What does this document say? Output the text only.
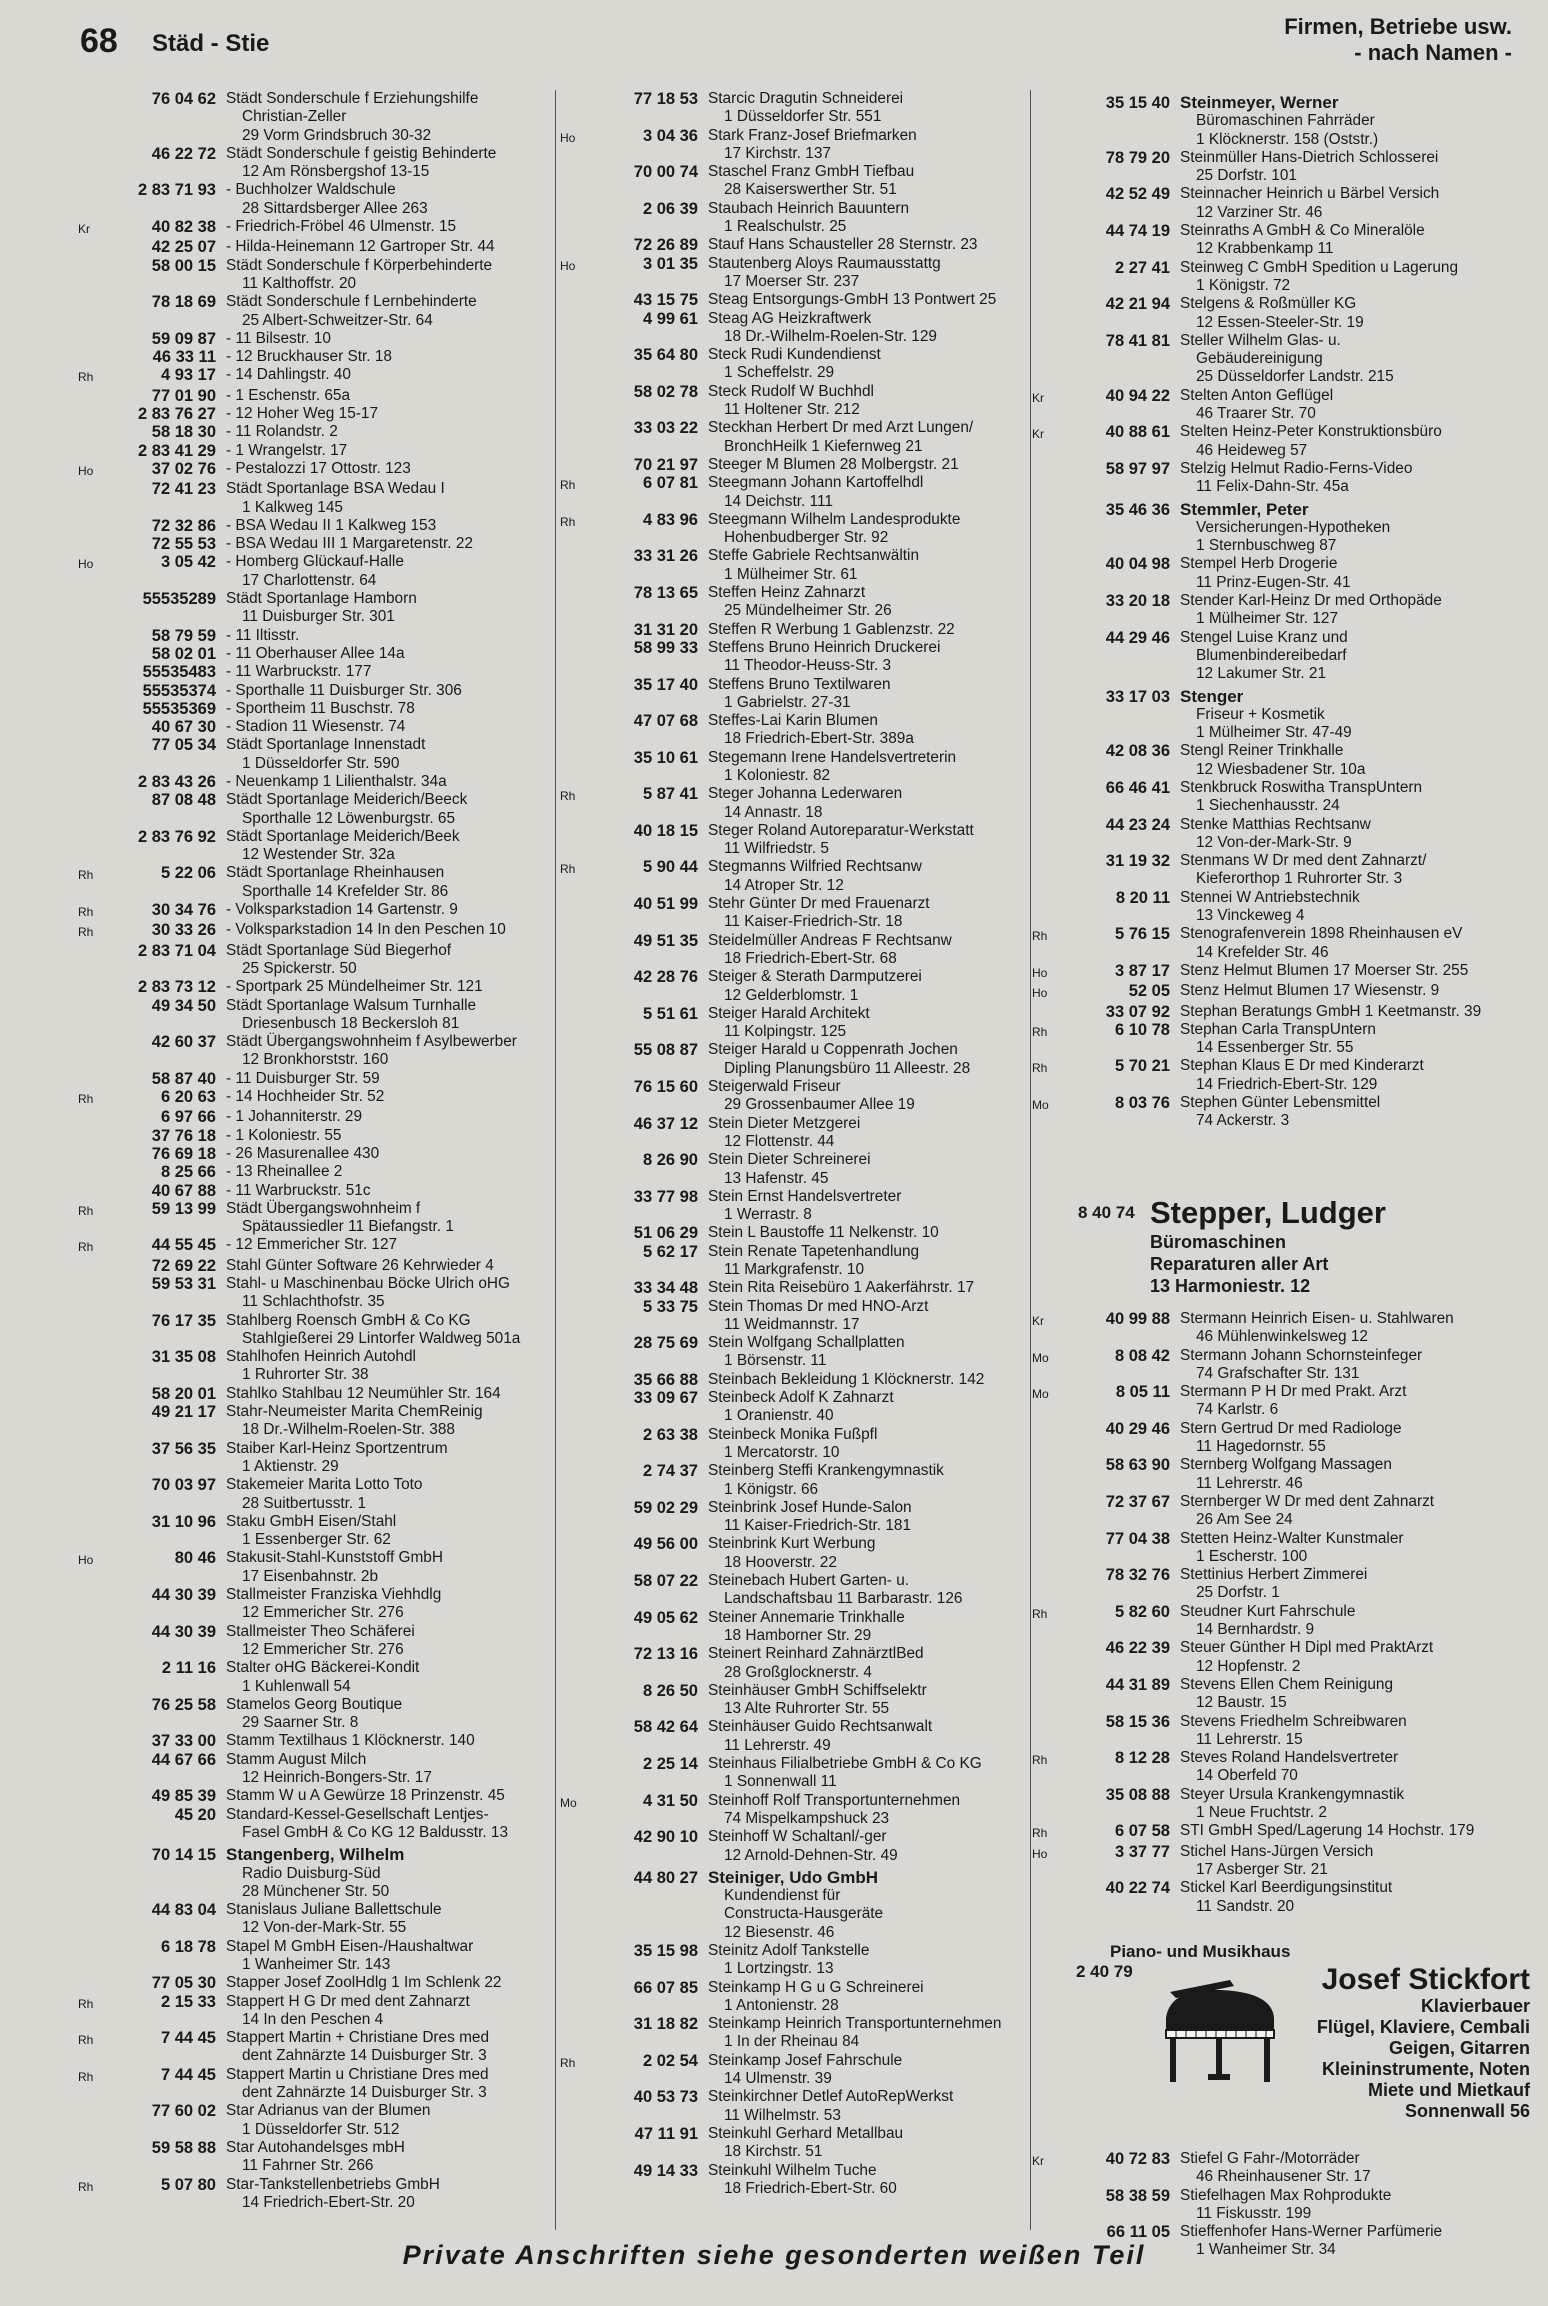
68 Städ - Stie
Firmen, Betriebe usw.
- nach Namen -
76 04 62 Städt Sonderschule f Erziehungshilfe
Christian-Zeller
29 Vorm Grindsbruch 30-32
46 22 72 Städt Sonderschule f geistig Behinderte
12 Am Rönsbergshof 13-15
2 83 71 93 - Buchholzer Waldschule
28 Sittardsberger Allee 263
Kr	40 82 38 - Friedrich-Fröbel 46 Ulmenstr. 15
42 25 07 - Hilda-Heinemann 12 Gartroper Str. 44
58 00 15 Städt Sonderschule f Körperbehinderte
11 Kalthoffstr. 20
78 18 69 Städt Sonderschule f Lernbehinderte
25 Albert-Schweitzer-Str. 64
59 09 87 - 11 Bilsestr. 10
46 33 11 - 12 Bruckhauser Str. 18
Rh	4 93 17 - 14 Dahlingstr. 40
77 01 90 - 1 Eschenstr. 65a
2 83 76 27 - 12 Hoher Weg 15-17
58 18 30 - 11 Rolandstr. 2
2 83 41 29 - 1 Wrangelstr. 17
Ho	37 02 76 - Pestalozzi 17 Ottostr. 123
72 41 23 Städt Sportanlage BSA Wedau I
1 Kalkweg 145
72 32 86 - BSA Wedau II 1 Kalkweg 153
72 55 53 - BSA Wedau III 1 Margaretenstr. 22
Ho	3 05 42 - Homberg Glückauf-Halle
17 Charlottenstr. 64
55535289 Städt Sportanlage Hamborn
11 Duisburger Str. 301
58 79 59 - 11 Iltisstr.
58 02 01 - 11 Oberhauser Allee 14a
55535483 - 11 Warbruckstr. 177
55535374 - Sporthalle 11 Duisburger Str. 306
55535369 - Sportheim 11 Buschstr. 78
40 67 30 - Stadion 11 Wiesenstr. 74
77 05 34 Städt Sportanlage Innenstadt
1 Düsseldorfer Str. 590
2 83 43 26 - Neuenkamp 1 Lilienthalstr. 34a
87 08 48 Städt Sportanlage Meiderich/Beeck
Sporthalle 12 Löwenburgstr. 65
2 83 76 92 Städt Sportanlage Meiderich/Beek
12 Westender Str. 32a
Rh	5 22 06 Städt Sportanlage Rheinhausen
Sporthalle 14 Krefelder Str. 86
Rh	30 34 76 - Volksparkstadion 14 Gartenstr. 9
Rh	30 33 26 - Volksparkstadion 14 In den Peschen 10
2 83 71 04 Städt Sportanlage Süd Biegerhof
25 Spickerstr. 50
2 83 73 12 - Sportpark 25 Mündelheimer Str. 121
49 34 50 Städt Sportanlage Walsum Turnhalle
Driesenbusch 18 Beckersloh 81
42 60 37 Städt Übergangswohnheim f Asylbewerber
12 Bronkhorststr. 160
58 87 40 - 11 Duisburger Str. 59
Rh	6 20 63 - 14 Hochheider Str. 52
6 97 66 - 1 Johanniterstr. 29
37 76 18 - 1 Koloniestr. 55
76 69 18 - 26 Masurenallee 430
8 25 66 - 13 Rheinallee 2
40 67 88 - 11 Warbruckstr. 51c
Rh	59 13 99 Städt Übergangswohnheim f
Spätaussiedler 11 Biefangstr. 1
Rh	44 55 45 - 12 Emmericher Str. 127
72 69 22 Stahl Günter Software 26 Kehrwieder 4
59 53 31 Stahl- u Maschinenbau Böcke Ulrich oHG
11 Schlachthofstr. 35
76 17 35 Stahlberg Roensch GmbH & Co KG
Stahlgießerei 29 Lintorfer Waldweg 501a
31 35 08 Stahlhofen Heinrich Autohdl
1 Ruhrorter Str. 38
58 20 01 Stahlko Stahlbau 12 Neumühler Str. 164
49 21 17 Stahr-Neumeister Marita ChemReinig
18 Dr.-Wilhelm-Roelen-Str. 388
37 56 35 Staiber Karl-Heinz Sportzentrum
1 Aktienstr. 29
70 03 97 Stakemeier Marita Lotto Toto
28 Suitbertusstr. 1
31 10 96 Staku GmbH Eisen/Stahl
1 Essenberger Str. 62
Ho	80 46 Stakusit-Stahl-Kunststoff GmbH
17 Eisenbahnstr. 2b
44 30 39 Stallmeister Franziska Viehhdlg
12 Emmericher Str. 276
44 30 39 Stallmeister Theo Schäferei
12 Emmericher Str. 276
2 11 16 Stalter oHG Bäckerei-Kondit
1 Kuhlenwall 54
76 25 58 Stamelos Georg Boutique
29 Saarner Str. 8
37 33 00 Stamm Textilhaus 1 Klöcknerstr. 140
44 67 66 Stamm August Milch
12 Heinrich-Bongers-Str. 17
49 85 39 Stamm W u A Gewürze 18 Prinzenstr. 45
45 20 Standard-Kessel-Gesellschaft Lentjes-
Fasel GmbH & Co KG 12 Baldusstr. 13
70 14 15 Stangenberg, Wilhelm
Radio Duisburg-Süd
28 Münchener Str. 50
44 83 04 Stanislaus Juliane Ballettschule
12 Von-der-Mark-Str. 55
6 18 78 Stapel M GmbH Eisen-/Haushaltwar
1 Wanheimer Str. 143
77 05 30 Stapper Josef ZoolHdlg 1 Im Schlenk 22
Rh	2 15 33 Stappert H G Dr med dent Zahnarzt
14 In den Peschen 4
Rh	7 44 45 Stappert Martin + Christiane Dres med
dent Zahnärzte 14 Duisburger Str. 3
Rh	7 44 45 Stappert Martin u Christiane Dres med
dent Zahnärzte 14 Duisburger Str. 3
77 60 02 Star Adrianus van der Blumen
1 Düsseldorfer Str. 512
59 58 88 Star Autohandelsges mbH
11 Fahrner Str. 266
Rh	5 07 80 Star-Tankstellenbetriebs GmbH
14 Friedrich-Ebert-Str. 20
77 18 53 Starcic Dragutin Schneiderei
1 Düsseldorfer Str. 551
Ho	3 04 36 Stark Franz-Josef Briefmarken
17 Kirchstr. 137
70 00 74 Staschel Franz GmbH Tiefbau
28 Kaiserswerther Str. 51
2 06 39 Staubach Heinrich Bauuntern
1 Realschulstr. 25
72 26 89 Stauf Hans Schausteller 28 Sternstr. 23
Ho	3 01 35 Stautenberg Aloys Raumausstattg
17 Moerser Str. 237
43 15 75 Steag Entsorgungs-GmbH 13 Pontwert 25
4 99 61 Steag AG Heizkraftwerk
18 Dr.-Wilhelm-Roelen-Str. 129
35 64 80 Steck Rudi Kundendienst
1 Scheffelstr. 29
58 02 78 Steck Rudolf W Buchhdl
11 Holtener Str. 212
33 03 22 Steckhan Herbert Dr med Arzt Lungen/
BronchHeilk 1 Kiefernweg 21
70 21 97 Steeger M Blumen 28 Molbergstr. 21
Rh	6 07 81 Steegmann Johann Kartoffelhdl
14 Deichstr. 111
Rh	4 83 96 Steegmann Wilhelm Landesprodukte
Hohenbudberger Str. 92
33 31 26 Steffe Gabriele Rechtsanwältin
1 Mülheimer Str. 61
78 13 65 Steffen Heinz Zahnarzt
25 Mündelheimer Str. 26
31 31 20 Steffen R Werbung 1 Gablenzstr. 22
58 99 33 Steffens Bruno Heinrich Druckerei
11 Theodor-Heuss-Str. 3
35 17 40 Steffens Bruno Textilwaren
1 Gabrielstr. 27-31
47 07 68 Steffes-Lai Karin Blumen
18 Friedrich-Ebert-Str. 389a
35 10 61 Stegemann Irene Handelsvertreterin
1 Koloniestr. 82
Rh	5 87 41 Steger Johanna Lederwaren
14 Annastr. 18
40 18 15 Steger Roland Autoreparatur-Werkstatt
11 Wilfriedstr. 5
Rh	5 90 44 Stegmanns Wilfried Rechtsanw
14 Atroper Str. 12
40 51 99 Stehr Günter Dr med Frauenarzt
11 Kaiser-Friedrich-Str. 18
49 51 35 Steidelmüller Andreas F Rechtsanw
18 Friedrich-Ebert-Str. 68
42 28 76 Steiger & Sterath Darmputzerei
12 Gelderblomstr. 1
5 51 61 Steiger Harald Architekt
11 Kolpingstr. 125
55 08 87 Steiger Harald u Coppenrath Jochen
Dipling Planungsbüro 11 Alleestr. 28
76 15 60 Steigerwald Friseur
29 Grossenbaumer Allee 19
46 37 12 Stein Dieter Metzgerei
12 Flottenstr. 44
8 26 90 Stein Dieter Schreinerei
13 Hafenstr. 45
33 77 98 Stein Ernst Handelsvertreter
1 Werrastr. 8
51 06 29 Stein L Baustoffe 11 Nelkenstr. 10
5 62 17 Stein Renate Tapetenhandlung
11 Markgrafenstr. 10
33 34 48 Stein Rita Reisebüro 1 Aakerfährstr. 17
5 33 75 Stein Thomas Dr med HNO-Arzt
11 Weidmannstr. 17
28 75 69 Stein Wolfgang Schallplatten
1 Börsenstr. 11
35 66 88 Steinbach Bekleidung 1 Klöcknerstr. 142
33 09 67 Steinbeck Adolf K Zahnarzt
1 Oranienstr. 40
2 63 38 Steinbeck Monika Fußpfl
1 Mercatorstr. 10
2 74 37 Steinberg Steffi Krankengymnastik
1 Königstr. 66
59 02 29 Steinbrink Josef Hunde-Salon
11 Kaiser-Friedrich-Str. 181
49 56 00 Steinbrink Kurt Werbung
18 Hooverstr. 22
58 07 22 Steinebach Hubert Garten- u.
Landschaftsbau 11 Barbarastr. 126
49 05 62 Steiner Annemarie Trinkhalle
18 Hamborner Str. 29
72 13 16 Steinert Reinhard ZahnärztlBed
28 Großglocknerstr. 4
8 26 50 Steinhäuser GmbH Schiffselektr
13 Alte Ruhrorter Str. 55
58 42 64 Steinhäuser Guido Rechtsanwalt
11 Lehrerstr. 49
2 25 14 Steinhaus Filialbetriebe GmbH & Co KG
1 Sonnenwall 11
Mo	4 31 50 Steinhoff Rolf Transportunternehmen
74 Mispelkampshuck 23
42 90 10 Steinhoff W Schaltanl/-ger
12 Arnold-Dehnen-Str. 49
44 80 27 Steiniger, Udo GmbH
Kundendienst für
Constructa-Hausgeräte
12 Biesenstr. 46
35 15 98 Steinitz Adolf Tankstelle
1 Lortzingstr. 13
66 07 85 Steinkamp H G u G Schreinerei
1 Antonienstr. 28
31 18 82 Steinkamp Heinrich Transportunternehmen
1 In der Rheinau 84
Rh	2 02 54 Steinkamp Josef Fahrschule
14 Ulmenstr. 39
40 53 73 Steinkirchner Detlef AutoRepWerkst
11 Wilhelmstr. 53
47 11 91 Steinkuhl Gerhard Metallbau
18 Kirchstr. 51
49 14 33 Steinkuhl Wilhelm Tuche
18 Friedrich-Ebert-Str. 60
35 15 40 Steinmeyer, Werner
Büromaschinen Fahrräder
1 Klöcknerstr. 158 (Oststr.)
78 79 20 Steinmüller Hans-Dietrich Schlosserei
25 Dorfstr. 101
42 52 49 Steinnacher Heinrich u Bärbel Versich
12 Varziner Str. 46
44 74 19 Steinraths A GmbH & Co Mineralöle
12 Krabbenkamp 11
2 27 41 Steinweg C GmbH Spedition u Lagerung
1 Königstr. 72
42 21 94 Stelgens & Roßmüller KG
12 Essen-Steeler-Str. 19
78 41 81 Steller Wilhelm Glas- u.
Gebäudereinigung
25 Düsseldorfer Landstr. 215
Kr	40 94 22 Stelten Anton Geflügel
46 Traarer Str. 70
Kr	40 88 61 Stelten Heinz-Peter Konstruktionsbüro
46 Heideweg 57
58 97 97 Stelzig Helmut Radio-Ferns-Video
11 Felix-Dahn-Str. 45a
35 46 36 Stemmler, Peter
Versicherungen-Hypotheken
1 Sternbuschweg 87
40 04 98 Stempel Herb Drogerie
11 Prinz-Eugen-Str. 41
33 20 18 Stender Karl-Heinz Dr med Orthopäde
1 Mülheimer Str. 127
44 29 46 Stengel Luise Kranz und
Blumenbindereibedarf
12 Lakumer Str. 21
33 17 03 Stenger
Friseur + Kosmetik
1 Mülheimer Str. 47-49
42 08 36 Stengl Reiner Trinkhalle
12 Wiesbadener Str. 10a
66 46 41 Stenkbruck Roswitha TranspUntern
1 Siechenhausstr. 24
44 23 24 Stenke Matthias Rechtsanw
12 Von-der-Mark-Str. 9
31 19 32 Stenmans W Dr med dent Zahnarzt/
Kieferorthop 1 Ruhrorter Str. 3
8 20 11 Stennei W Antriebstechnik
13 Vinckeweg 4
Rh	5 76 15 Stenografenverein 1898 Rheinhausen eV
14 Krefelder Str. 46
Ho	3 87 17 Stenz Helmut Blumen 17 Moerser Str. 255
Ho	52 05 Stenz Helmut Blumen 17 Wiesenstr. 9
33 07 92 Stephan Beratungs GmbH 1 Keetmanstr. 39
Rh	6 10 78 Stephan Carla TranspUntern
14 Essenberger Str. 55
Rh	5 70 21 Stephan Klaus E Dr med Kinderarzt
14 Friedrich-Ebert-Str. 129
Mo	8 03 76 Stephen Günter Lebensmittel
74 Ackerstr. 3
Kr	40 99 88 Stermann Heinrich Eisen- u. Stahlwaren
46 Mühlenwinkelsweg 12
Mo	8 08 42 Stermann Johann Schornsteinfeger
74 Grafschafter Str. 131
Mo	8 05 11 Stermann P H Dr med Prakt. Arzt
74 Karlstr. 6
40 29 46 Stern Gertrud Dr med Radiologe
11 Hagedornstr. 55
58 63 90 Sternberg Wolfgang Massagen
11 Lehrerstr. 46
72 37 67 Sternberger W Dr med dent Zahnarzt
26 Am See 24
77 04 38 Stetten Heinz-Walter Kunstmaler
1 Escherstr. 100
78 32 76 Stettinius Herbert Zimmerei
25 Dorfstr. 1
Rh	5 82 60 Steudner Kurt Fahrschule
14 Bernhardstr. 9
46 22 39 Steuer Günther H Dipl med PraktArzt
12 Hopfenstr. 2
44 31 89 Stevens Ellen Chem Reinigung
12 Baustr. 15
58 15 36 Stevens Friedhelm Schreibwaren
11 Lehrerstr. 15
Rh	8 12 28 Steves Roland Handelsvertreter
14 Oberfeld 70
35 08 88 Steyer Ursula Krankengymnastik
1 Neue Fruchtstr. 2
Rh	6 07 58 STI GmbH Sped/Lagerung 14 Hochstr. 179
Ho	3 37 77 Stichel Hans-Jürgen Versich
17 Asberger Str. 21
40 22 74 Stickel Karl Beerdigungsinstitut
11 Sandstr. 20
Kr	40 72 83 Stiefel G Fahr-/Motorräder
46 Rheinhausener Str. 17
58 38 59 Stiefelhagen Max Rohprodukte
11 Fiskusstr. 199
66 11 05 Stieffenhofer Hans-Werner Parfümerie
1 Wanheimer Str. 34
8 40 74 Stepper, Ludger
Büromaschinen
Reparaturen aller Art
13 Harmoniestr. 12
Piano- und Musikhaus
2 40 79	Josef Stickfort
Klavierbauer
Flügel, Klaviere, Cembali
Geigen, Gitarren
Kleininstrumente, Noten
Miete und Mietkauf
Sonnenwall 56
Private Anschriften siehe gesonderten weißen Teil
